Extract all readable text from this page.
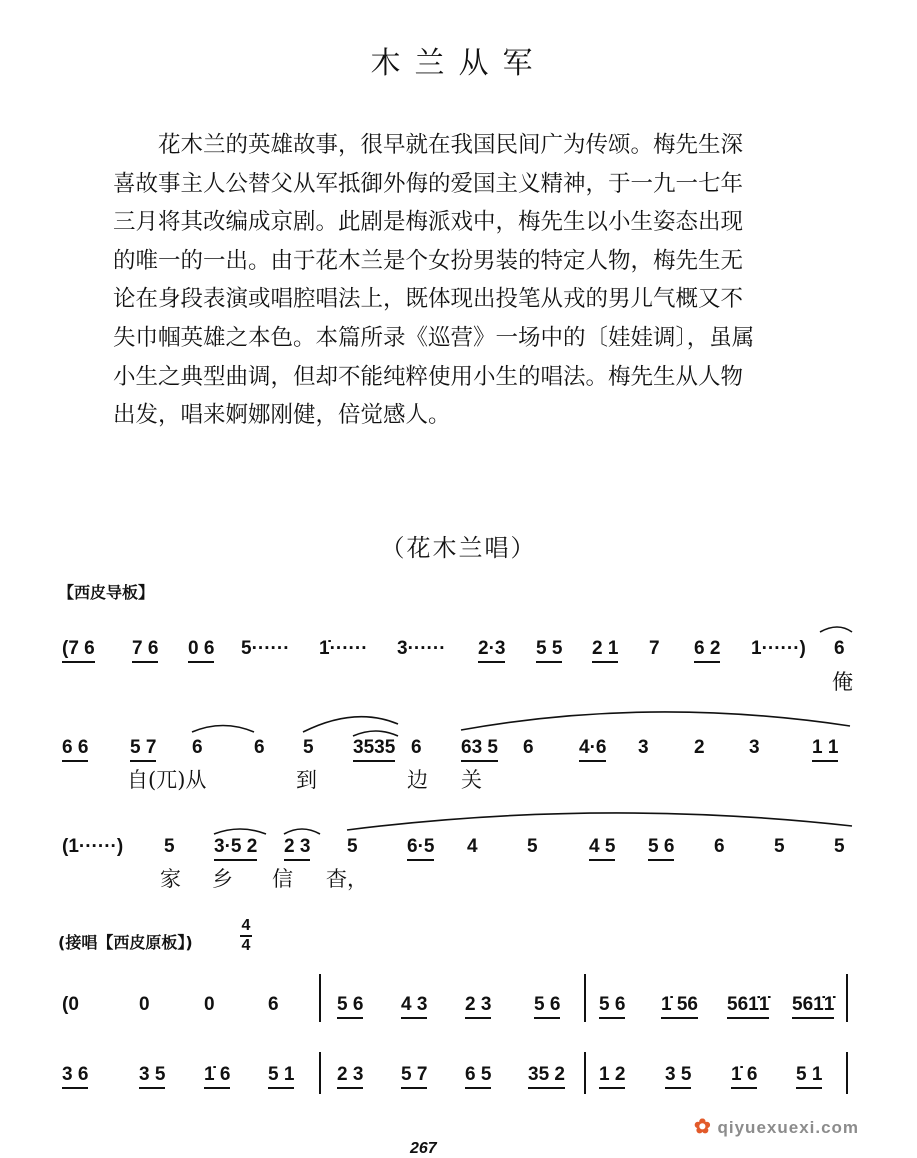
木兰从军
花木兰的英雄故事，很早就在我国民间广为传颂。梅先生深
喜故事主人公替父从军抵御外侮的爱国主义精神，于一九一七年
三月将其改编成京剧。此剧是梅派戏中，梅先生以小生姿态出现
的唯一的一出。由于花木兰是个女扮男装的特定人物，梅先生无
论在身段表演或唱腔唱法上，既体现出投笔从戎的男儿气概又不
失巾帼英雄之本色。本篇所录《巡营》一场中的〔娃娃调〕，虽属
小生之典型曲调，但却不能纯粹使用小生的唱法。梅先生从人物
出发，唱来婀娜刚健，倍觉感人。
（花木兰唱）
【西皮导板】
(7 6 7 6 0 6 5······ 1̇······ 3······ 2·3 5 5 2 1 7 6 2 1······) 6
俺
6 6 5 7 6	6 5 3535 6 63 5 6 4·6 3 2 3	1 1
自(兀)从	到	边 关
(1······) 5 3·5 2 2 3 5	6·5 4	5	4 5 5 6 6	5	5
家 乡 信 杳，
(接唱【西皮原板】)
4
4
(0	0	0	6	5 6 4 3 2 3 5 6 5 6 1̇ 56 561̇1̇ 561̇1̇
3 6	3 5 1̇ 6 5 1 2 3 5 7 6 5 35 2 1 2 3 5 1̇ 6 5 1
267
✿ qiyuexuexi.com
